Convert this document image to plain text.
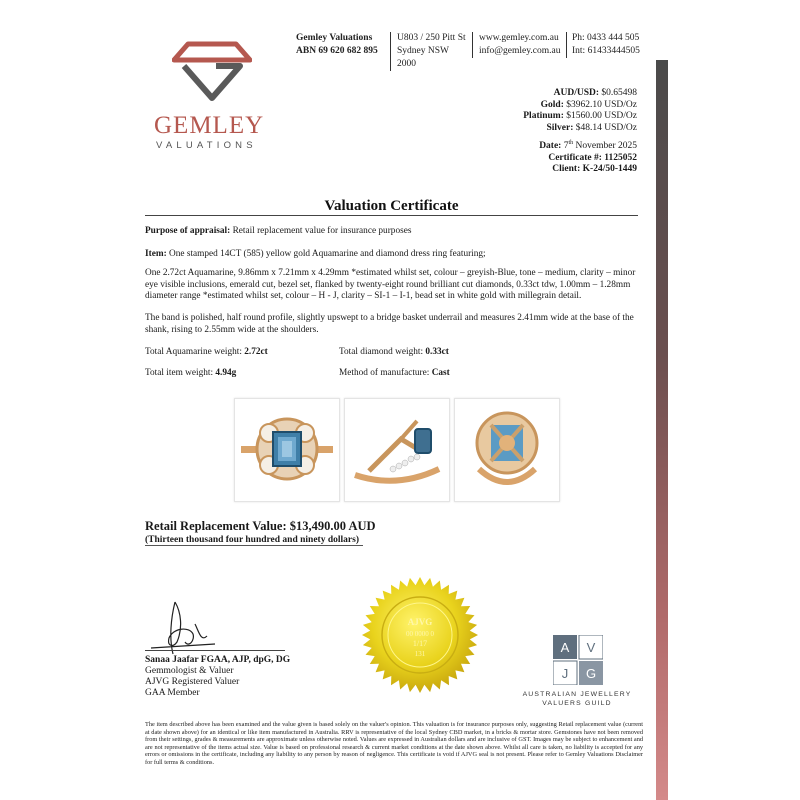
GEMLEY
VALUATIONS
Gemley Valuations
ABN 69 620 682 895
U803 / 250 Pitt St
Sydney NSW 2000
www.gemley.com.au
info@gemley.com.au
Ph: 0433 444 505
Int: 61433444505
AUD/USD: $0.65498
Gold: $3962.10 USD/Oz
Platinum: $1560.00 USD/Oz
Silver: $48.14 USD/Oz
Date: 7th November 2025
Certificate #: 1125052
Client: K-24/50-1449
Valuation Certificate
Purpose of appraisal: Retail replacement value for insurance purposes
Item: One stamped 14CT (585) yellow gold Aquamarine and diamond dress ring featuring;
One 2.72ct Aquamarine, 9.86mm x 7.21mm x 4.29mm *estimated whilst set, colour – greyish-Blue, tone – medium, clarity – minor eye visible inclusions, emerald cut, bezel set, flanked by twenty-eight round brilliant cut diamonds, 0.33ct tdw, 1.00mm – 1.28mm diameter range *estimated whilst set, colour – H - J, clarity – SI-1 – I-1, bead set in white gold with millegrain detail.
The band is polished, half round profile, slightly upswept to a bridge basket underrail and measures 2.41mm wide at the base of the shank, rising to 2.55mm wide at the shoulders.
Total Aquamarine weight: 2.72ct	Total diamond weight: 0.33ct
Total item weight: 4.94g	Method of manufacture: Cast
Retail Replacement Value: $13,490.00 AUD
(Thirteen thousand four hundred and ninety dollars)
Sanaa Jaafar FGAA, AJP, dpG, DG
Gemmologist & Valuer
AJVG Registered Valuer
GAA Member
AJVG
00 0000 0
1/17
131	A
J
V
G
AUSTRALIAN JEWELLERY
VALUERS GUILD
The item described above has been examined and the value given is based solely on the valuer's opinion. This valuation is for insurance purposes only, suggesting Retail replacement value (current at date shown above) for an identical or like item manufactured in Australia. RRV is representative of the local Sydney CBD market, in a bricks & mortar store. Gemstones have not been removed from their settings, grades & measurements are approximate unless otherwise noted. Values are expressed in Australian dollars and are inclusive of GST. Images may be subject to enhancement and are not representative of the items actual size. Value is based on professional research & current market conditions at the date shown above. Whilst all care is taken, no liability is accepted for any errors or omissions in the certificate, including any liability to any person by reason of negligence. This certificate is void if AJVG seal is not present. Please refer to Gemley Valuations Disclaimer for full terms & conditions.
